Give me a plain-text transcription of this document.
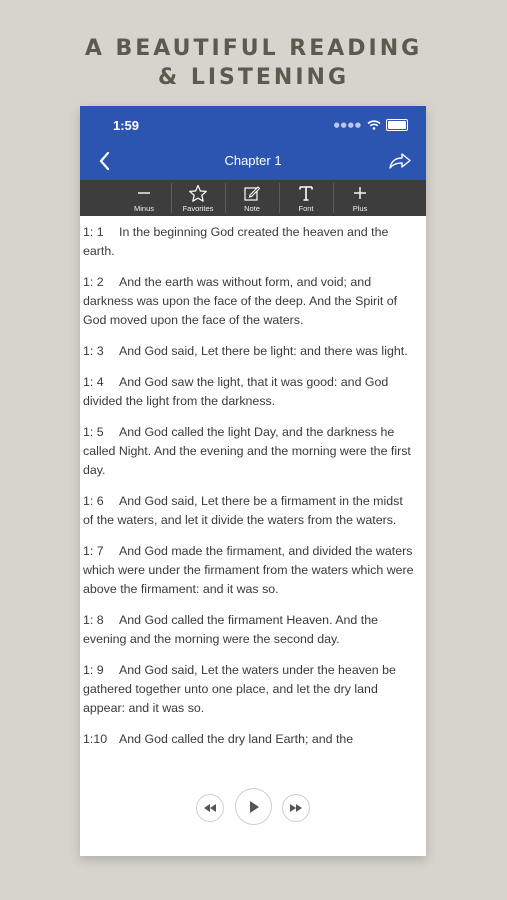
A BEAUTIFUL READING
& LISTENING
1:59	●●●●
Chapter 1
Minus	Favorites	Note	Font	Plus

1: 1 In the beginning God created the heaven and the earth.

1: 2 And the earth was without form, and void; and darkness was upon the face of the deep. And the Spirit of God moved upon the face of the waters.

1: 3 And God said, Let there be light: and there was light.

1: 4 And God saw the light, that it was good: and God divided the light from the darkness.

1: 5 And God called the light Day, and the darkness he called Night. And the evening and the morning were the first day.

1: 6 And God said, Let there be a firmament in the midst of the waters, and let it divide the waters from the waters.

1: 7 And God made the firmament, and divided the waters which were under the firmament from the waters which were above the firmament: and it was so.

1: 8 And God called the firmament Heaven. And the evening and the morning were the second day.

1: 9 And God said, Let the waters under the heaven be gathered together unto one place, and let the dry land appear: and it was so.

1:10 And God called the dry land Earth; and the
